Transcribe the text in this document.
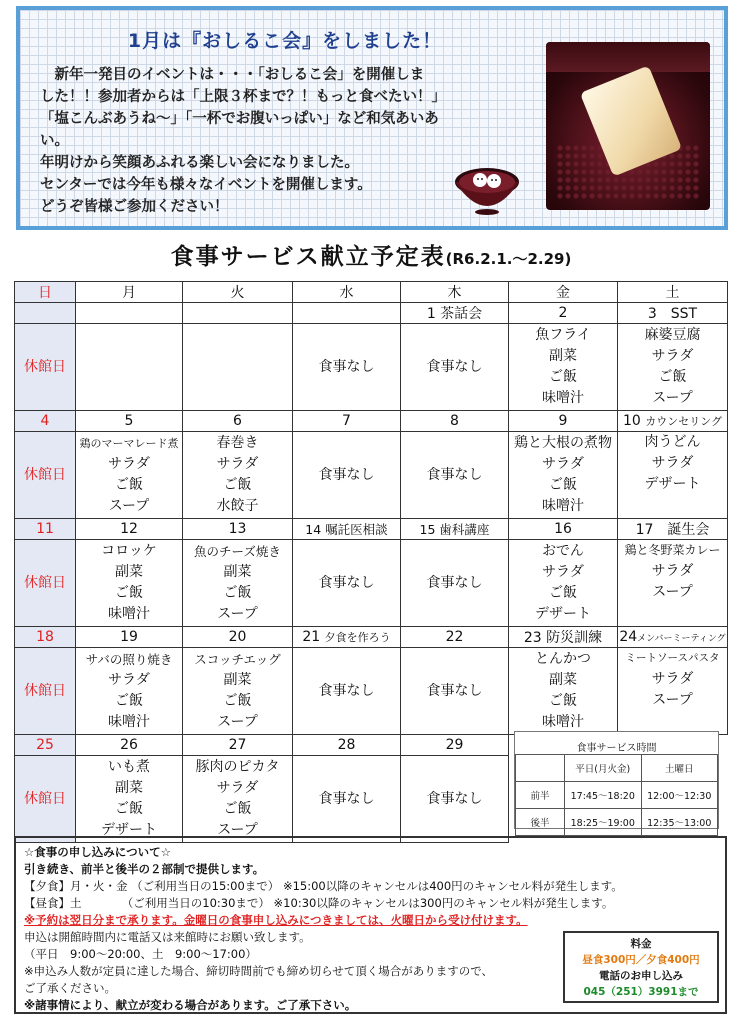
1月は『おしるこ会』をしました！

　新年一発目のイベントは・・・「おしるこ会」を開催しま

した！！参加者からは「上限３杯まで？！もっと食べたい！」

「塩こんぶあうね～」「一杯でお腹いっぱい」など和気あいあ

い。

年明けから笑顔あふれる楽しい会になりました。

センターでは今年も様々なイベントを開催します。

どうぞ皆様ご参加ください！

食事サービス献立予定表(R6.2.1.～2.29)
日	月	火	水	木	金	土
				1 茶話会	2	3　SST
休館日			食事なし	食事なし	魚フライ
副菜
ご飯
味噌汁	麻婆豆腐
サラダ
ご飯
スープ

4	5	6	7	8	9	10 カウンセリング
休館日	鶏のマーマレード煮
サラダ
ご飯
スープ	春巻き
サラダ
ご飯
水餃子	食事なし	食事なし	鶏と大根の煮物
サラダ
ご飯
味噌汁	肉うどん
サラダ
デザート

11	12	13	14 嘱託医相談	15 歯科講座	16	17　誕生会
休館日	コロッケ
副菜
ご飯
味噌汁	魚のチーズ焼き
副菜
ご飯
スープ	食事なし	食事なし	おでん
サラダ
ご飯
デザート	鶏と冬野菜カレー
サラダ
スープ

18	19	20	21 夕食を作ろう	22	23 防災訓練	24メンバーミーティング
休館日	サバの照り焼き
サラダ
ご飯
味噌汁	スコッチエッグ
副菜
ご飯
スープ	食事なし	食事なし	とんかつ
副菜
ご飯
味噌汁	ミートソースパスタ
サラダ
スープ

25	26	27	28	29		
休館日	いも煮
副菜
ご飯
デザート	豚肉のピカタ
サラダ
ご飯
スープ	食事なし	食事なし		

食事サービス時間
	平日(月火金)	土曜日
前半	17:45～18:20	12:00～12:30
後半	18:25～19:00	12:35～13:00
☆食事の申し込みについて☆
引き続き、前半と後半の２部制で提供します。
【夕食】月・火・金 （ご利用当日の15:00まで） ※15:00以降のキャンセルは400円のキャンセル料が発生します。
【昼食】土　　　　（ご利用当日の10:30まで） ※10:30以降のキャンセルは300円のキャンセル料が発生します。
※予約は翌日分まで承ります。金曜日の食事申し込みにつきましては、火曜日から受け付けます。
申込は開館時間内に電話又は来館時にお願い致します。
（平日　9:00～20:00、土　9:00～17:00）
※申込み人数が定員に達した場合、締切時間前でも締め切らせて頂く場合がありますので、
ご了承ください。
※諸事情により、献立が変わる場合があります。ご了承下さい。
料金
昼食300円／夕食400円
電話のお申し込み
045（251）3991まで
